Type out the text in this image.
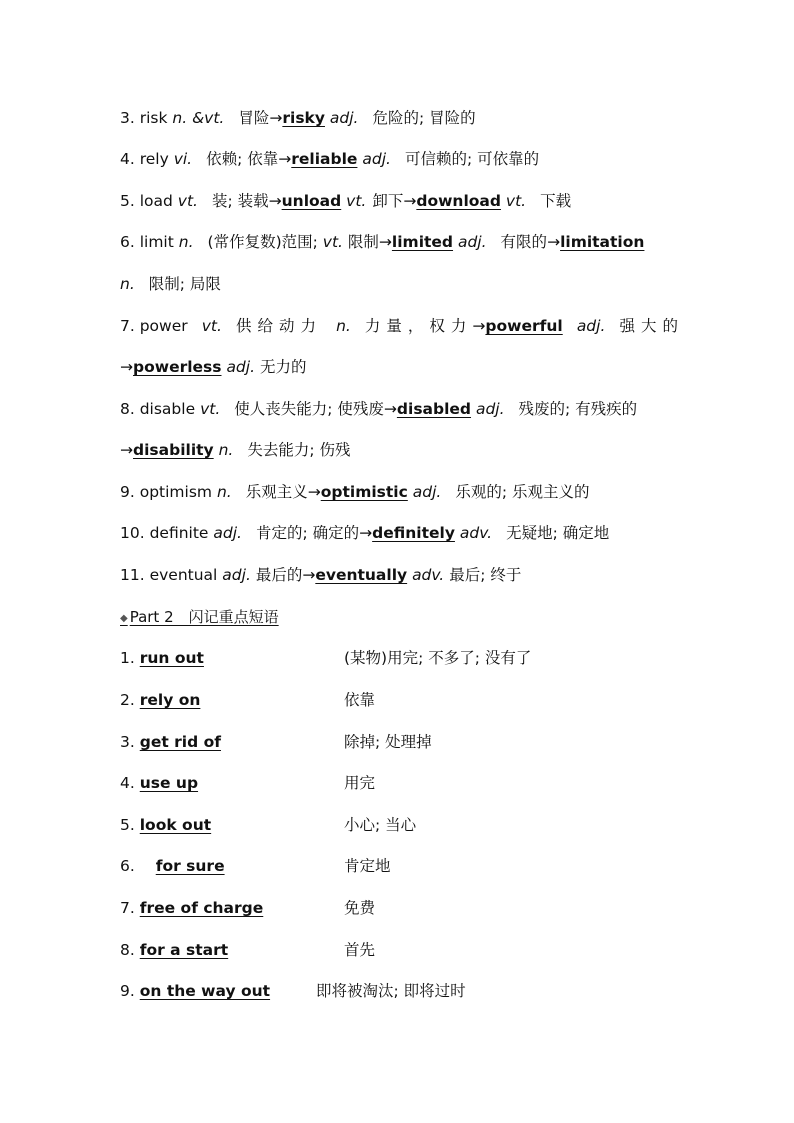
3. risk n. &vt. 冒险→risky adj. 危险的; 冒险的
4. rely vi. 依赖; 依靠→reliable adj. 可信赖的; 可依靠的
5. load vt. 装; 装载→unload vt. 卸下→download vt. 下载
6. limit n. (常作复数)范围; vt. 限制→limited adj. 有限的→limitation
n. 限制; 局限
7. power vt. 供给动力 n. 力量，权力→powerful adj. 强大的
→powerless adj. 无力的
8. disable vt. 使人丧失能力; 使残废→disabled adj. 残废的; 有残疾的
→disability n. 失去能力; 伤残
9. optimism n. 乐观主义→optimistic adj. 乐观的; 乐观主义的
10. definite adj. 肯定的; 确定的→definitely adv. 无疑地; 确定地
11. eventual adj. 最后的→eventually adv. 最后; 终于
◆ Part 2　闪记重点短语
1. run out	(某物)用完; 不多了; 没有了
2. rely on	依靠
3. get rid of	除掉; 处理掉
4. use up	用完
5. look out	小心; 当心
6. for sure	肯定地
7. free of charge	免费
8. for a start	首先
9. on the way out	即将被淘汰; 即将过时
